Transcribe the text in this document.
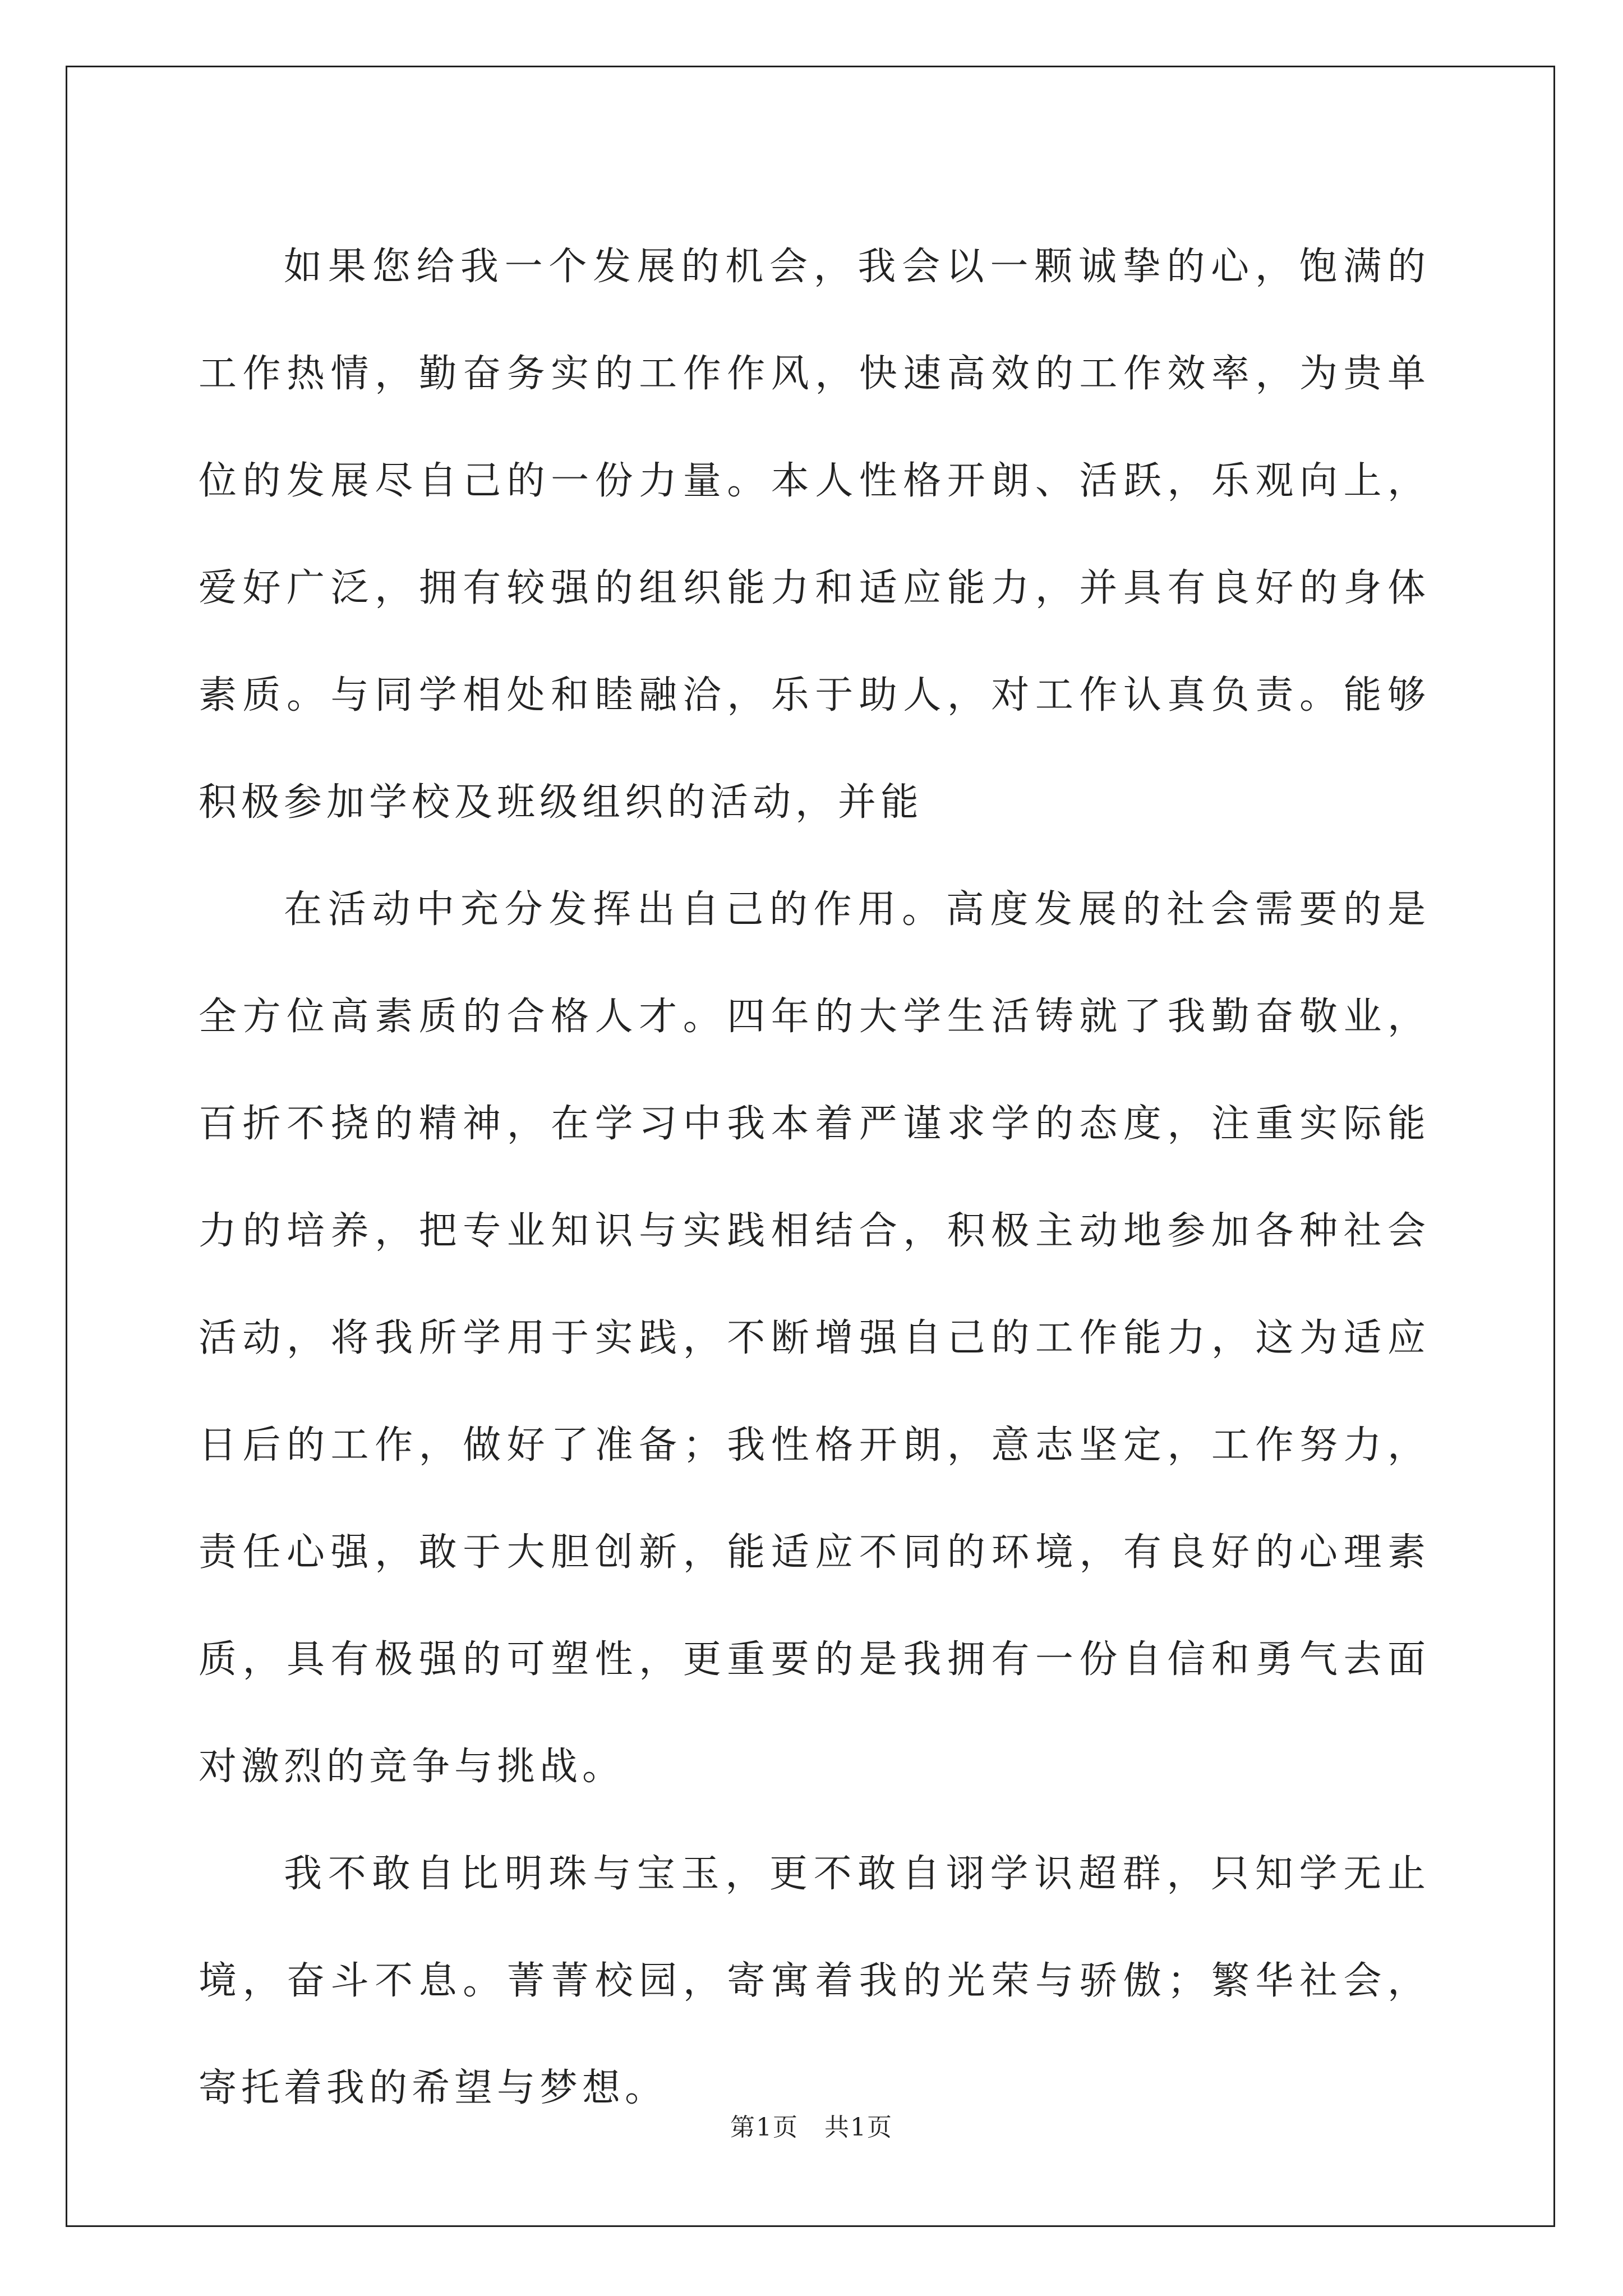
如果您给我一个发展的机会，我会以一颗诚挚的心，饱满的工作热情，勤奋务实的工作作风，快速高效的工作效率，为贵单位的发展尽自己的一份力量。本人性格开朗、活跃，乐观向上，爱好广泛，拥有较强的组织能力和适应能力，并具有良好的身体素质。与同学相处和睦融洽，乐于助人，对工作认真负责。能够积极参加学校及班级组织的活动，并能

在活动中充分发挥出自己的作用。高度发展的社会需要的是全方位高素质的合格人才。四年的大学生活铸就了我勤奋敬业，百折不挠的精神，在学习中我本着严谨求学的态度，注重实际能力的培养，把专业知识与实践相结合，积极主动地参加各种社会活动，将我所学用于实践，不断增强自己的工作能力，这为适应日后的工作，做好了准备；我性格开朗，意志坚定，工作努力，责任心强，敢于大胆创新，能适应不同的环境，有良好的心理素质，具有极强的可塑性，更重要的是我拥有一份自信和勇气去面对激烈的竞争与挑战。

我不敢自比明珠与宝玉，更不敢自诩学识超群，只知学无止境，奋斗不息。菁菁校园，寄寓着我的光荣与骄傲；繁华社会，寄托着我的希望与梦想。

第1页　共1页
